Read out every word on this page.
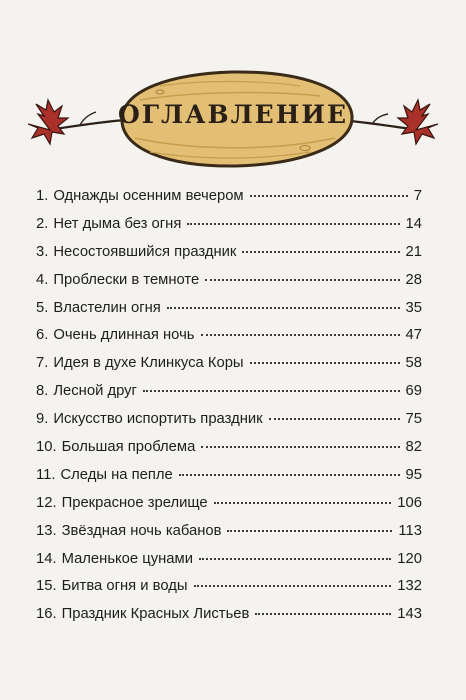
ОГЛАВЛЕНИЕ
1. Однажды осенним вечером	7
2. Нет дыма без огня	14
3. Несостоявшийся праздник	21
4. Проблески в темноте	28
5. Властелин огня	35
6. Очень длинная ночь	47
7. Идея в духе Клинкуса Коры	58
8. Лесной друг	69
9. Искусство испортить праздник	75
10. Большая проблема	82
11. Следы на пепле	95
12. Прекрасное зрелище	106
13. Звёздная ночь кабанов	113
14. Маленькое цунами	120
15. Битва огня и воды	132
16. Праздник Красных Листьев	143
